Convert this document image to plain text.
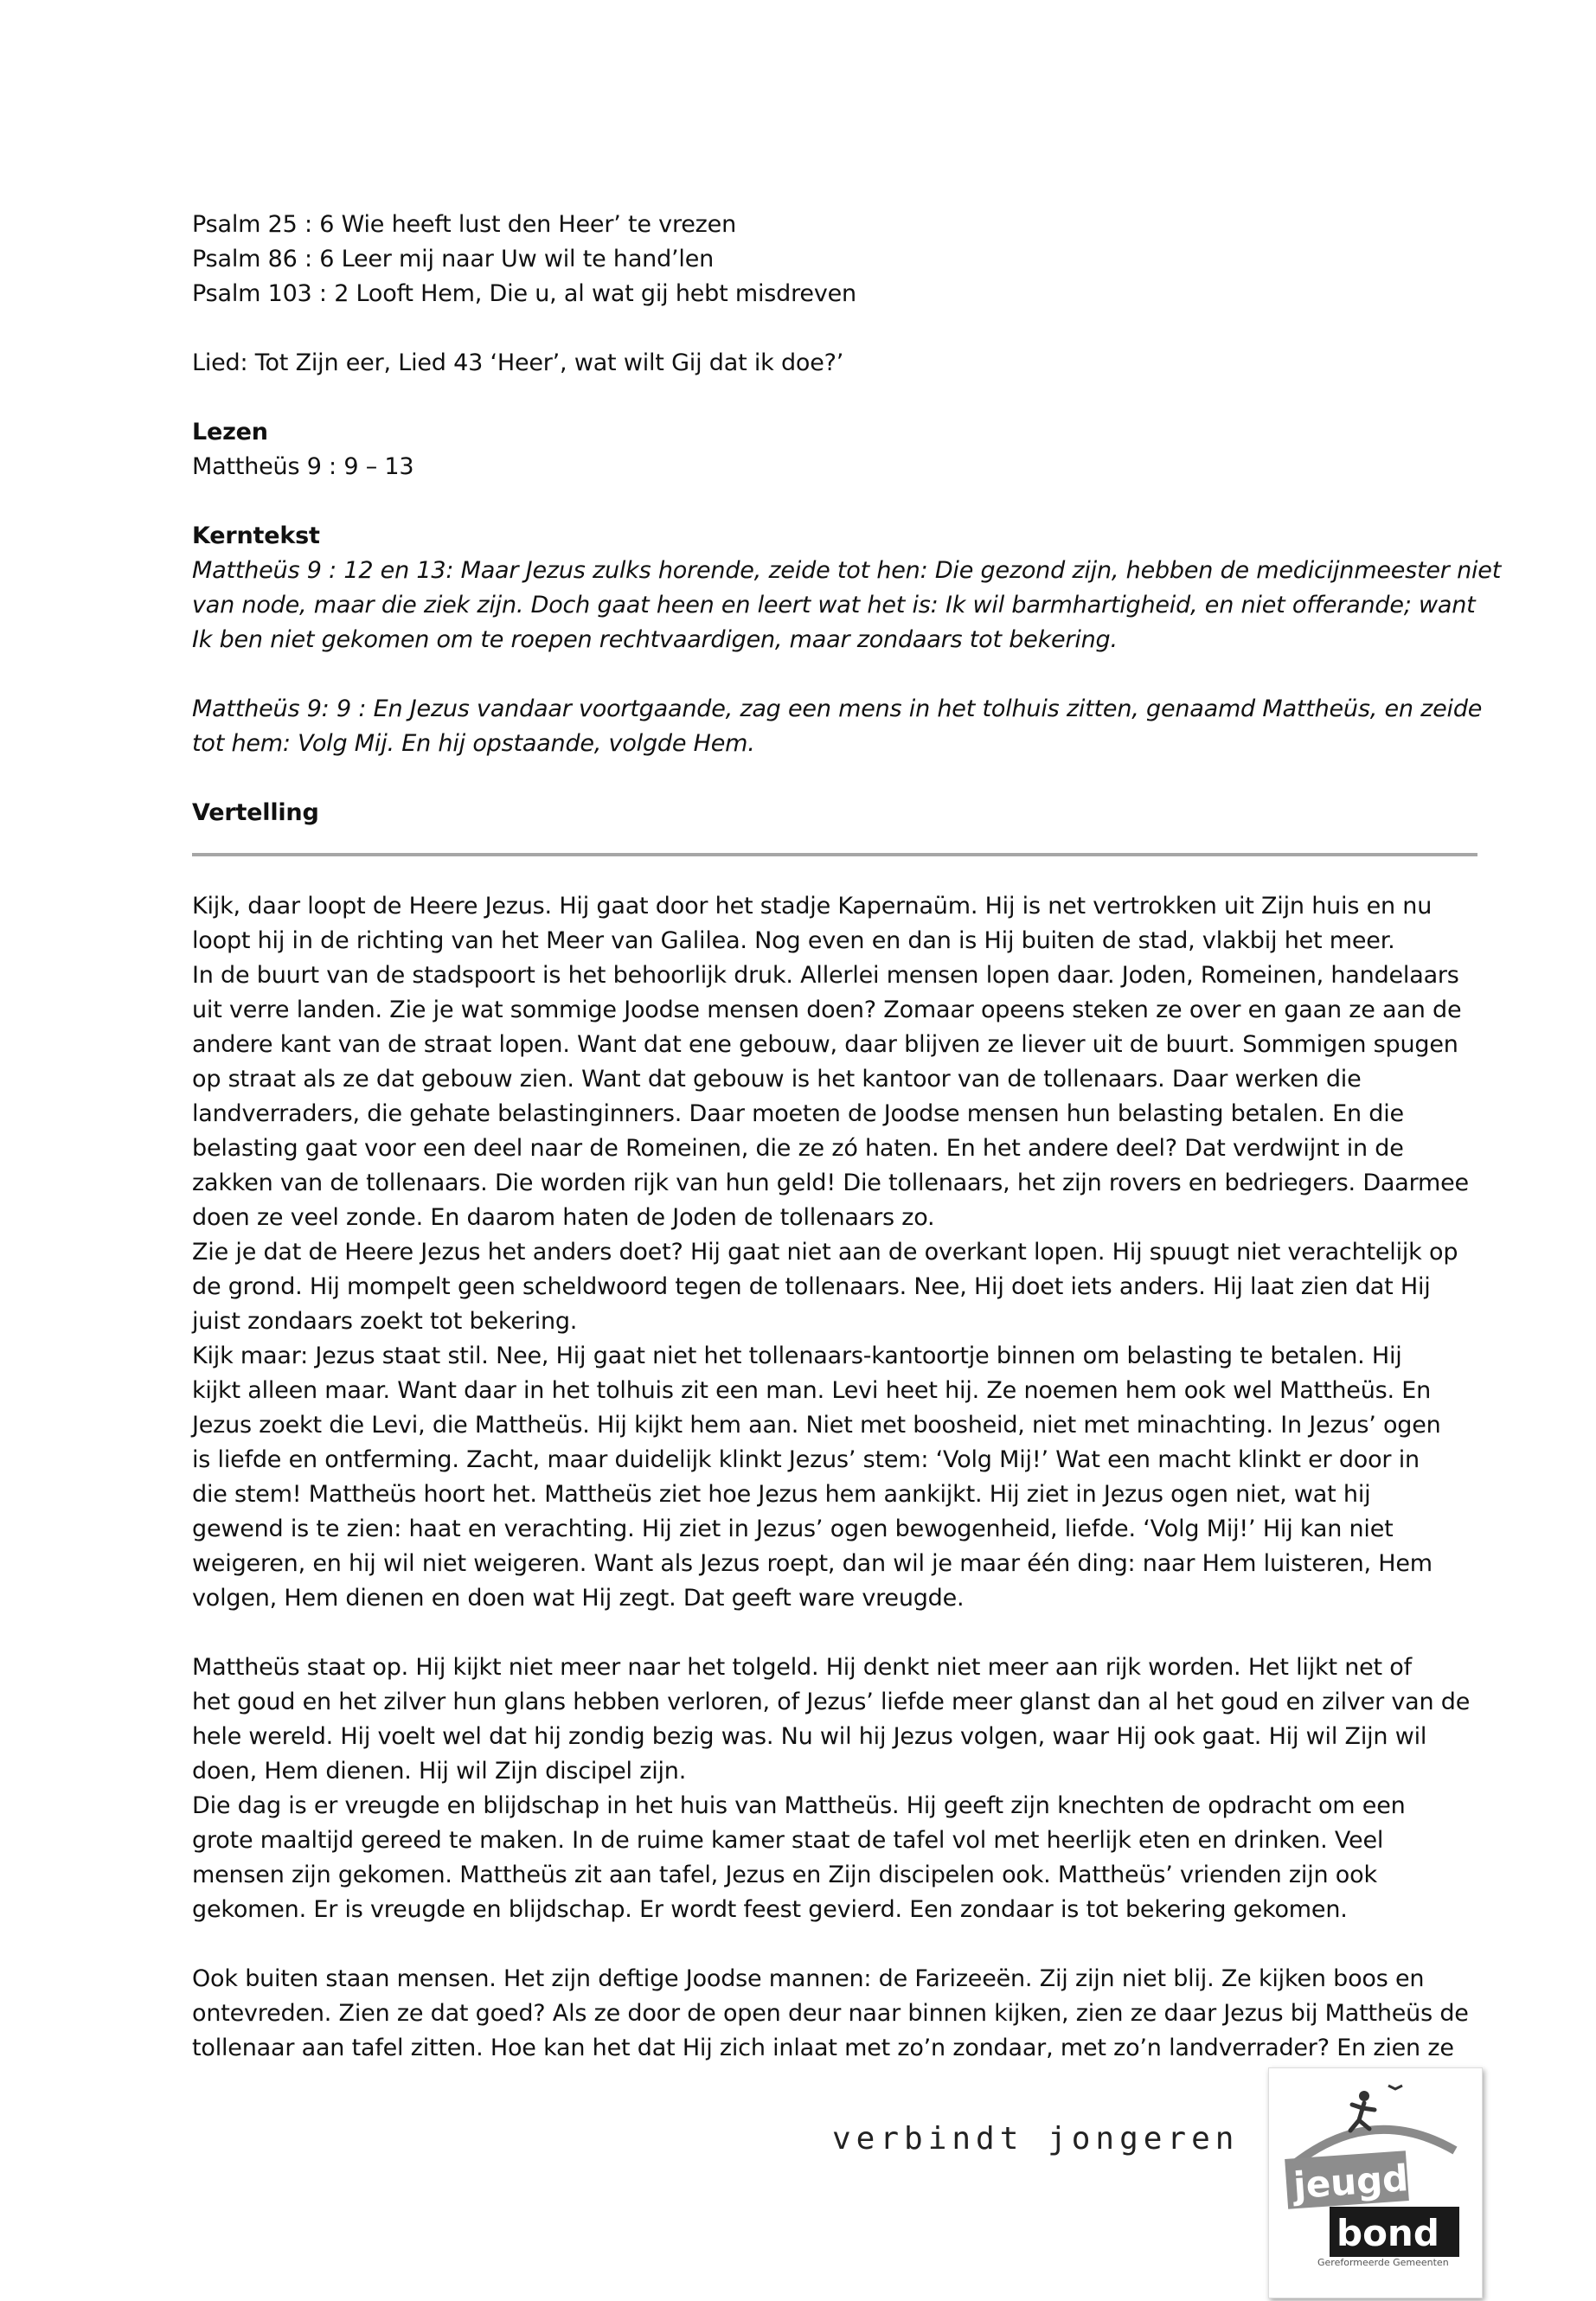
Psalm 25 : 6 Wie heeft lust den Heer’ te vrezen
Psalm 86 : 6 Leer mij naar Uw wil te hand’len
Psalm 103 : 2 Looft Hem, Die u, al wat gij hebt misdreven
Lied: Tot Zijn eer, Lied 43 ‘Heer’, wat wilt Gij dat ik doe?’
Lezen
Mattheüs 9 : 9 – 13
Kerntekst
Mattheüs 9 : 12 en 13: Maar Jezus zulks horende, zeide tot hen: Die gezond zijn, hebben de medicijnmeester niet
van node, maar die ziek zijn. Doch gaat heen en leert wat het is: Ik wil barmhartigheid, en niet offerande; want
Ik ben niet gekomen om te roepen rechtvaardigen, maar zondaars tot bekering.
Mattheüs 9: 9 : En Jezus vandaar voortgaande, zag een mens in het tolhuis zitten, genaamd Mattheüs, en zeide
tot hem: Volg Mij. En hij opstaande, volgde Hem.
Vertelling
Kijk, daar loopt de Heere Jezus. Hij gaat door het stadje Kapernaüm. Hij is net vertrokken uit Zijn huis en nu
loopt hij in de richting van het Meer van Galilea. Nog even en dan is Hij buiten de stad, vlakbij het meer.
In de buurt van de stadspoort is het behoorlijk druk. Allerlei mensen lopen daar. Joden, Romeinen, handelaars
uit verre landen. Zie je wat sommige Joodse mensen doen? Zomaar opeens steken ze over en gaan ze aan de
andere kant van de straat lopen. Want dat ene gebouw, daar blijven ze liever uit de buurt. Sommigen spugen
op straat als ze dat gebouw zien. Want dat gebouw is het kantoor van de tollenaars. Daar werken die
landverraders, die gehate belastinginners. Daar moeten de Joodse mensen hun belasting betalen. En die
belasting gaat voor een deel naar de Romeinen, die ze zó haten. En het andere deel? Dat verdwijnt in de
zakken van de tollenaars. Die worden rijk van hun geld! Die tollenaars, het zijn rovers en bedriegers. Daarmee
doen ze veel zonde. En daarom haten de Joden de tollenaars zo.
Zie je dat de Heere Jezus het anders doet? Hij gaat niet aan de overkant lopen. Hij spuugt niet verachtelijk op
de grond. Hij mompelt geen scheldwoord tegen de tollenaars. Nee, Hij doet iets anders. Hij laat zien dat Hij
juist zondaars zoekt tot bekering.
Kijk maar: Jezus staat stil. Nee, Hij gaat niet het tollenaars-kantoortje binnen om belasting te betalen. Hij
kijkt alleen maar. Want daar in het tolhuis zit een man. Levi heet hij. Ze noemen hem ook wel Mattheüs. En
Jezus zoekt die Levi, die Mattheüs. Hij kijkt hem aan. Niet met boosheid, niet met minachting. In Jezus’ ogen
is liefde en ontferming. Zacht, maar duidelijk klinkt Jezus’ stem: ‘Volg Mij!’ Wat een macht klinkt er door in
die stem! Mattheüs hoort het. Mattheüs ziet hoe Jezus hem aankijkt. Hij ziet in Jezus ogen niet, wat hij
gewend is te zien: haat en verachting. Hij ziet in Jezus’ ogen bewogenheid, liefde. ‘Volg Mij!’ Hij kan niet
weigeren, en hij wil niet weigeren. Want als Jezus roept, dan wil je maar één ding: naar Hem luisteren, Hem
volgen, Hem dienen en doen wat Hij zegt. Dat geeft ware vreugde.
Mattheüs staat op. Hij kijkt niet meer naar het tolgeld. Hij denkt niet meer aan rijk worden. Het lijkt net of
het goud en het zilver hun glans hebben verloren, of Jezus’ liefde meer glanst dan al het goud en zilver van de
hele wereld. Hij voelt wel dat hij zondig bezig was. Nu wil hij Jezus volgen, waar Hij ook gaat. Hij wil Zijn wil
doen, Hem dienen. Hij wil Zijn discipel zijn.
Die dag is er vreugde en blijdschap in het huis van Mattheüs. Hij geeft zijn knechten de opdracht om een
grote maaltijd gereed te maken. In de ruime kamer staat de tafel vol met heerlijk eten en drinken. Veel
mensen zijn gekomen. Mattheüs zit aan tafel, Jezus en Zijn discipelen ook. Mattheüs’ vrienden zijn ook
gekomen. Er is vreugde en blijdschap. Er wordt feest gevierd. Een zondaar is tot bekering gekomen.
Ook buiten staan mensen. Het zijn deftige Joodse mannen: de Farizeeën. Zij zijn niet blij. Ze kijken boos en
ontevreden. Zien ze dat goed? Als ze door de open deur naar binnen kijken, zien ze daar Jezus bij Mattheüs de
tollenaar aan tafel zitten. Hoe kan het dat Hij zich inlaat met zo’n zondaar, met zo’n landverrader? En zien ze
verbindt jongeren
jeugd
bond
Gereformeerde Gemeenten
